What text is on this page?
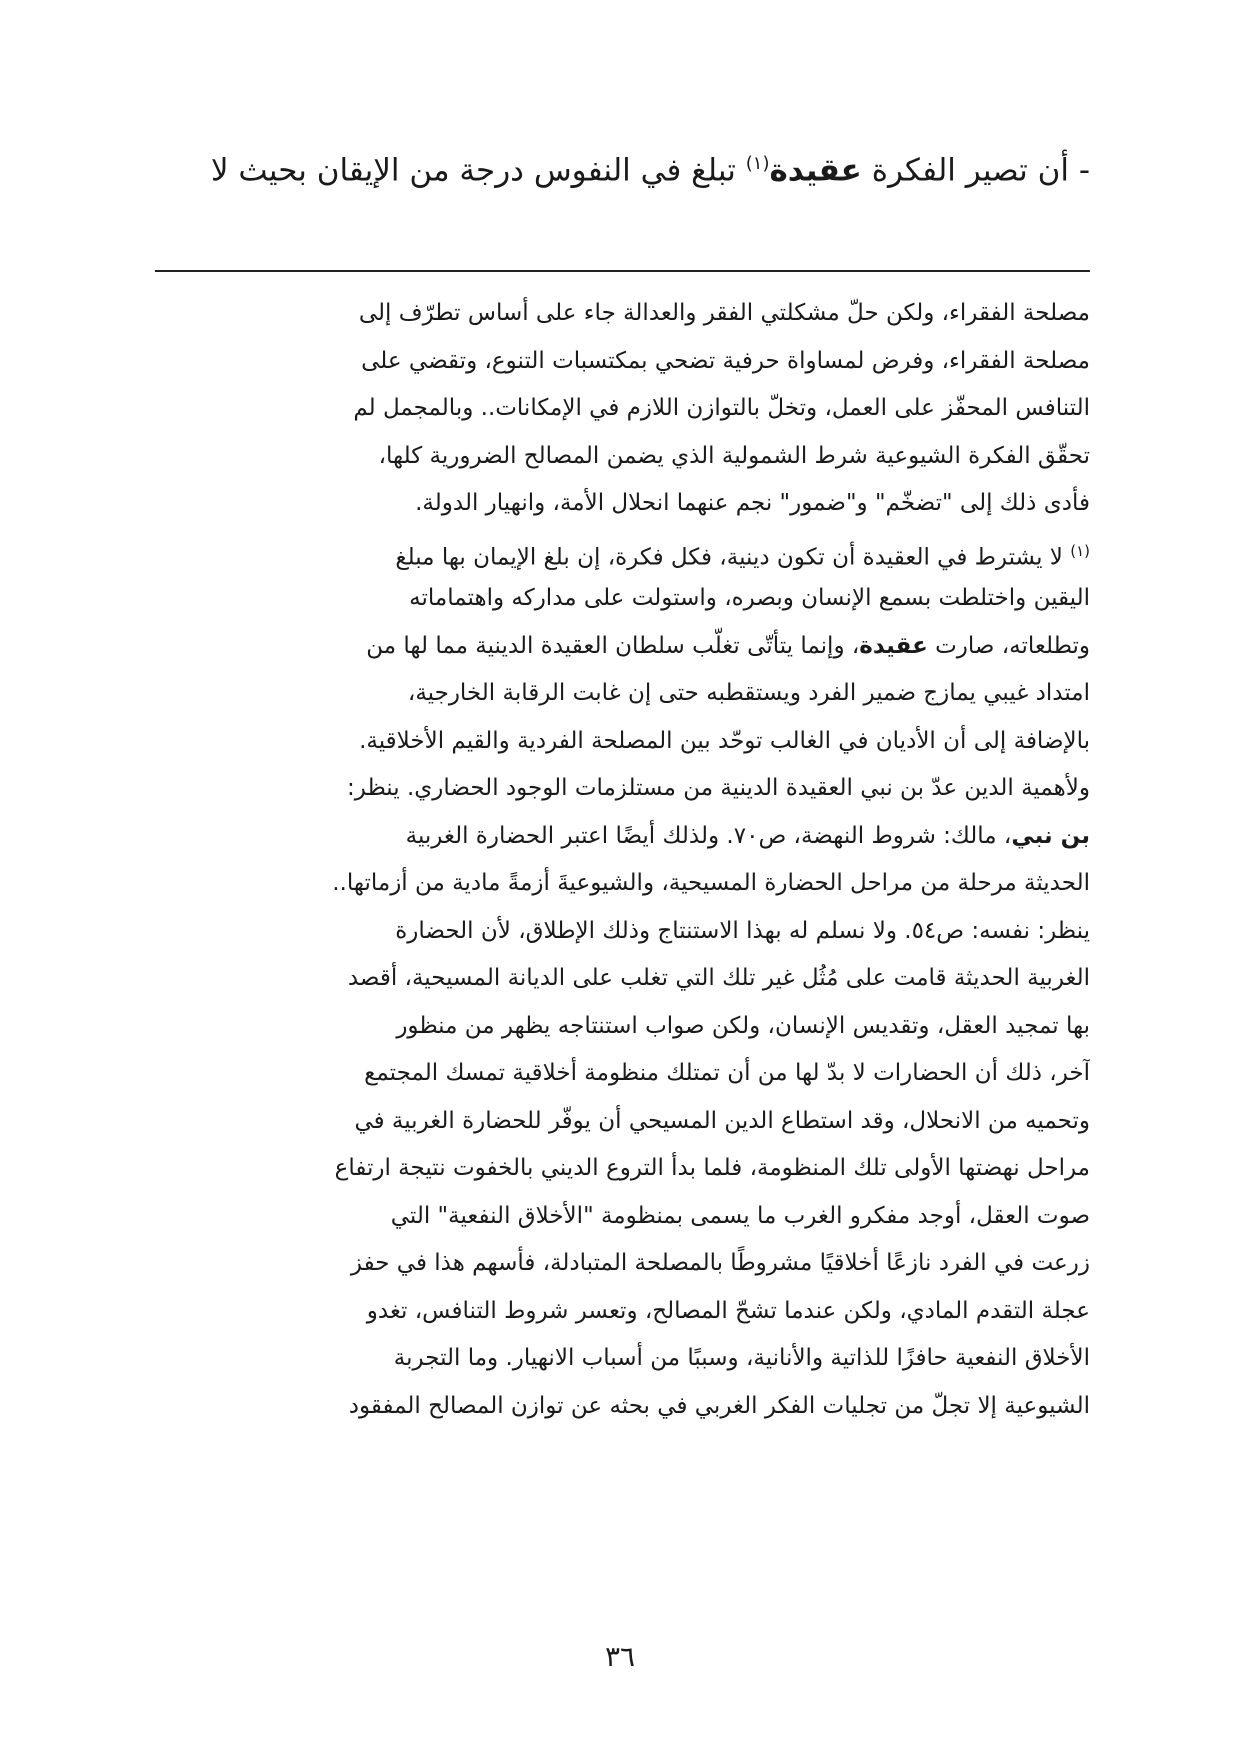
- أن تصير الفكرة عقيدة$^{(١)}$ تبلغ في النفوس درجة من الإيقان بحيث لا
مصلحة الفقراء، ولكن حلّ مشكلتي الفقر والعدالة جاء على أساس تطرّف إلى
مصلحة الفقراء، وفرض لمساواة حرفية تضحي بمكتسبات التنوع، وتقضي على
التنافس المحفّز على العمل، وتخلّ بالتوازن اللازم في الإمكانات.. وبالمجمل لم
تحقّق الفكرة الشيوعية شرط الشمولية الذي يضمن المصالح الضرورية كلها،
فأدى ذلك إلى "تضخّم" و"ضمور" نجم عنهما انحلال الأمة، وانهيار الدولة.
$^{(١)}$ لا يشترط في العقيدة أن تكون دينية، فكل فكرة، إن بلغ الإيمان بها مبلغ
اليقين واختلطت بسمع الإنسان وبصره، واستولت على مداركه واهتماماته
وتطلعاته، صارت عقيدة، وإنما يتأتّى تغلّب سلطان العقيدة الدينية مما لها من
امتداد غيبي يمازج ضمير الفرد ويستقطبه حتى إن غابت الرقابة الخارجية،
بالإضافة إلى أن الأديان في الغالب توحّد بين المصلحة الفردية والقيم الأخلاقية.
ولأهمية الدين عدّ بن نبي العقيدة الدينية من مستلزمات الوجود الحضاري. ينظر:
بن نبي، مالك: شروط النهضة، ص٧٠. ولذلك أيضًا اعتبر الحضارة الغربية
الحديثة مرحلة من مراحل الحضارة المسيحية، والشيوعيةَ أزمةً مادية من أزماتها..
ينظر: نفسه: ص٥٤. ولا نسلم له بهذا الاستنتاج وذلك الإطلاق، لأن الحضارة
الغربية الحديثة قامت على مُثُل غير تلك التي تغلب على الديانة المسيحية، أقصد
بها تمجيد العقل، وتقديس الإنسان، ولكن صواب استنتاجه يظهر من منظور
آخر، ذلك أن الحضارات لا بدّ لها من أن تمتلك منظومة أخلاقية تمسك المجتمع
وتحميه من الانحلال، وقد استطاع الدين المسيحي أن يوفّر للحضارة الغربية في
مراحل نهضتها الأولى تلك المنظومة، فلما بدأ التروع الديني بالخفوت نتيجة ارتفاع
صوت العقل، أوجد مفكرو الغرب ما يسمى بمنظومة "الأخلاق النفعية" التي
زرعت في الفرد نازعًا أخلاقيًا مشروطًا بالمصلحة المتبادلة، فأسهم هذا في حفز
عجلة التقدم المادي، ولكن عندما تشحّ المصالح، وتعسر شروط التنافس، تغدو
الأخلاق النفعية حافزًا للذاتية والأنانية، وسببًا من أسباب الانهيار. وما التجربة
الشيوعية إلا تجلّ من تجليات الفكر الغربي في بحثه عن توازن المصالح المفقود
٣٦
